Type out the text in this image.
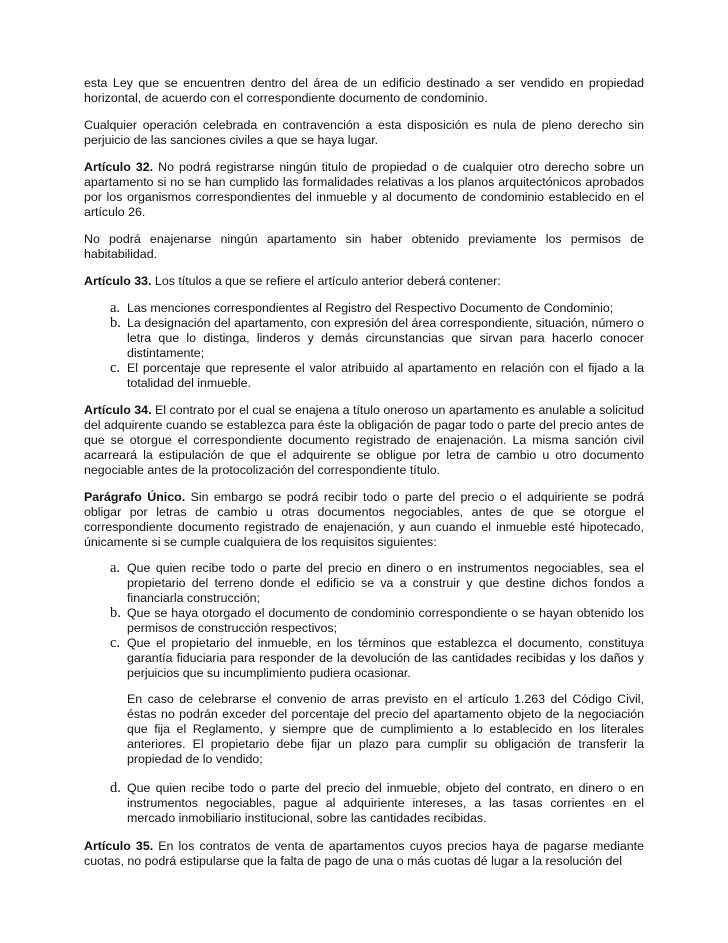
esta Ley que se encuentren dentro del área de un edificio destinado a ser vendido en propiedad horizontal, de acuerdo con el correspondiente documento de condominio.

Cualquier operación celebrada en contravención a esta disposición es nula de pleno derecho sin perjuicio de las sanciones civiles a que se haya lugar.

Artículo 32. No podrá registrarse ningún titulo de propiedad o de cualquier otro derecho sobre un apartamento si no se han cumplido las formalidades relativas a los planos arquitectónicos aprobados por los organismos correspondientes del inmueble y al documento de condominio establecido en el artículo 26.

No podrá enajenarse ningún apartamento sin haber obtenido previamente los permisos de habitabilidad.

Artículo 33. Los títulos a que se refiere el artículo anterior deberá contener:

a. Las menciones correspondientes al Registro del Respectivo Documento de Condominio;
b. La designación del apartamento, con expresión del área correspondiente, situación, número o letra que lo distinga, linderos y demás circunstancias que sirvan para hacerlo conocer distintamente;
c. El porcentaje que represente el valor atribuido al apartamento en relación con el fijado a la totalidad del inmueble.

Artículo 34. El contrato por el cual se enajena a título oneroso un apartamento es anulable a solicitud del adquirente cuando se establezca para éste la obligación de pagar todo o parte del precio antes de que se otorgue el correspondiente documento registrado de enajenación. La misma sanción civil acarreará la estipulación de que el adquirente se obligue por letra de cambio u otro documento negociable antes de la protocolización del correspondiente título.

Parágrafo Único. Sin embargo se podrá recibir todo o parte del precio o el adquiriente se podrá obligar por letras de cambio u otras documentos negociables, antes de que se otorgue el correspondiente documento registrado de enajenación, y aun cuando el inmueble esté hipotecado, únicamente si se cumple cualquiera de los requisitos siguientes:

a. Que quien recibe todo o parte del precio en dinero o en instrumentos negociables, sea el propietario del terreno donde el edificio se va a construir y que destine dichos fondos a financiarla construcción;
b. Que se haya otorgado el documento de condominio correspondiente o se hayan obtenido los permisos de construcción respectivos;
c. Que el propietario del inmueble, en los términos que establezca el documento, constituya garantía fiduciaria para responder de la devolución de las cantidades recibidas y los daños y perjuicios que su incumplimiento pudiera ocasionar.
En caso de celebrarse el convenio de arras previsto en el artículo 1.263 del Código Civil, éstas no podrán exceder del porcentaje del precio del apartamento objeto de la negociación que fija el Reglamento, y siempre que de cumplimiento a lo establecido en los literales anteriores. El propietario debe fijar un plazo para cumplir su obligación de transferir la propiedad de lo vendido;
d. Que quien recibe todo o parte del precio del inmueble, objeto del contrato, en dinero o en instrumentos negociables, pague al adquiriente intereses, a las tasas corrientes en el mercado inmobiliario institucional, sobre las cantidades recibidas.

Artículo 35. En los contratos de venta de apartamentos cuyos precios haya de pagarse mediante cuotas, no podrá estipularse que la falta de pago de una o más cuotas dé lugar a la resolución del
